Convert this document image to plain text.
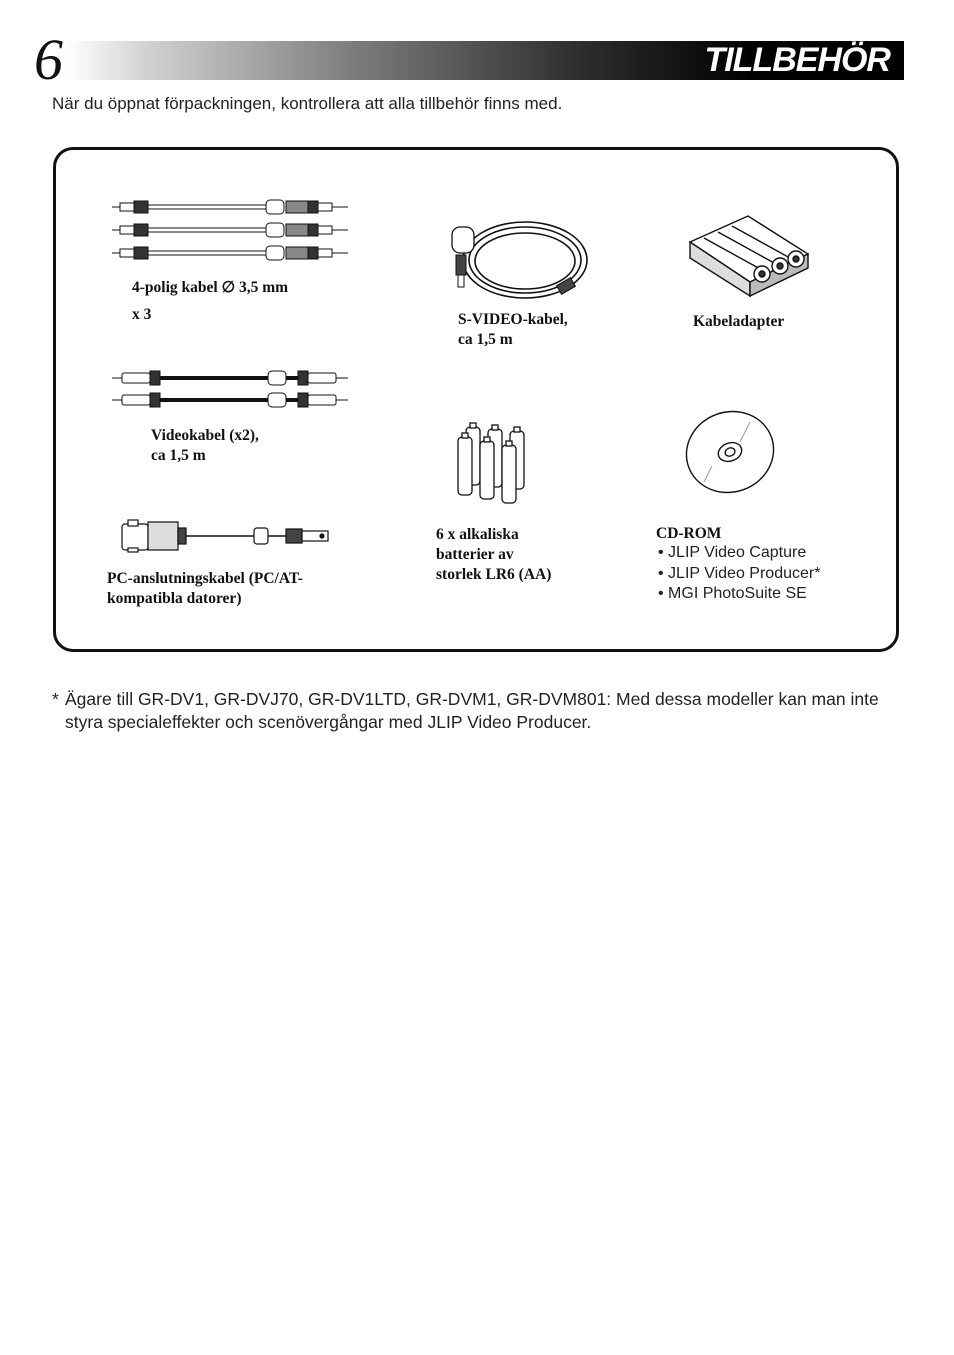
6	TILLBEHÖR
När du öppnat förpackningen, kontrollera att alla tillbehör finns med.
4-polig kabel ∅ 3,5 mm
x 3	S-VIDEO-kabel,
ca 1,5 m
Kabeladapter
Videokabel (x2),
ca 1,5 m
6 x alkaliska
batterier av
storlek LR6 (AA)
CD-ROM
• JLIP Video Capture
• JLIP Video Producer*
• MGI PhotoSuite SE
PC-anslutningskabel (PC/AT-
kompatibla datorer)
* Ägare till GR-DV1, GR-DVJ70, GR-DV1LTD, GR-DVM1, GR-DVM801: Med dessa modeller kan man inte styra specialeffekter och scenövergångar med JLIP Video Producer.
